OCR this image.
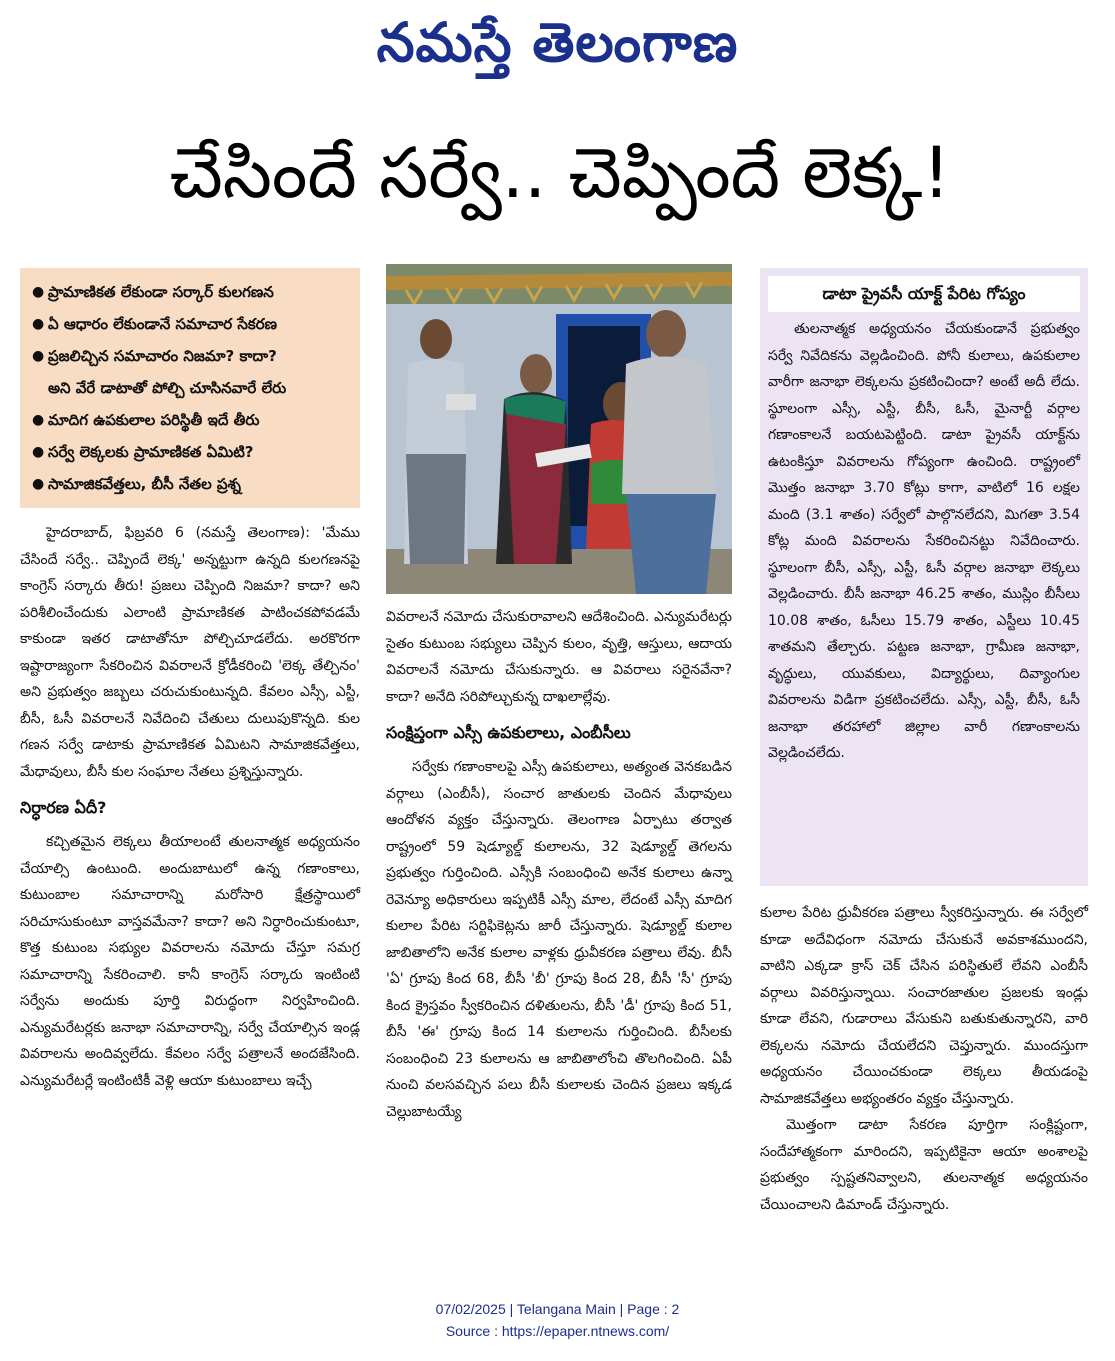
నమస్తే తెలంగాణ
చేసిందే సర్వే.. చెప్పిందే లెక్క!
● ప్రామాణికత లేకుండా సర్కార్ కులగణన
● ఏ ఆధారం లేకుండానే సమాచార సేకరణ
● ప్రజలిచ్చిన సమాచారం నిజమా? కాదా?
అని వేరే డాటాతో పోల్చి చూసినవారే లేరు
● మాదిగ ఉపకులాల పరిస్థితీ ఇదే తీరు
● సర్వే లెక్కలకు ప్రామాణికత ఏమిటి?
● సామాజికవేత్తలు, బీసీ నేతల ప్రశ్న

హైదరాబాద్, ఫిబ్రవరి 6 (నమస్తే తెలంగాణ): 'మేము చేసిందే సర్వే.. చెప్పిందే లెక్క' అన్నట్టుగా ఉన్నది కులగణనపై కాంగ్రెస్ సర్కారు తీరు! ప్రజలు చెప్పింది నిజమా? కాదా? అని పరిశీలించేందుకు ఎలాంటి ప్రామాణికత పాటించకపోవడమే కాకుండా ఇతర డాటాతోనూ పోల్చిచూడలేదు. అరకొరగా ఇష్టారాజ్యంగా సేకరించిన వివరాలనే క్రోడీకరించి 'లెక్క తేల్చినం' అని ప్రభుత్వం జబ్బలు చరుచుకుంటున్నది. కేవలం ఎస్సీ, ఎస్టీ, బీసీ, ఓసీ వివరాలనే నివేదించి చేతులు దులుపుకొన్నది. కుల గణన సర్వే డాటాకు ప్రామాణికత ఏమిటని సామాజికవేత్తలు, మేధావులు, బీసీ కుల సంఘాల నేతలు ప్రశ్నిస్తున్నారు.

నిర్ధారణ ఏదీ?

కచ్చితమైన లెక్కలు తీయాలంటే తులనాత్మక అధ్యయనం చేయాల్సి ఉంటుంది. అందుబాటులో ఉన్న గణాంకాలు, కుటుంబాల సమాచారాన్ని మరోసారి క్షేత్రస్థాయిలో సరిచూసుకుంటూ వాస్తవమేనా? కాదా? అని నిర్ధారించుకుంటూ, కొత్త కుటుంబ సభ్యుల వివరాలను నమోదు చేస్తూ సమగ్ర సమాచారాన్ని సేకరించాలి. కానీ కాంగ్రెస్ సర్కారు ఇంటింటి సర్వేను అందుకు పూర్తి విరుద్ధంగా నిర్వహించింది. ఎన్యుమరేటర్లకు జనాభా సమాచారాన్ని, సర్వే చేయాల్సిన ఇండ్ల వివరాలను అందివ్వలేదు. కేవలం సర్వే పత్రాలనే అందజేసింది. ఎన్యుమరేటర్లే ఇంటింటికీ వెళ్లి ఆయా కుటుంబాలు ఇచ్చే

వివరాలనే నమోదు చేసుకురావాలని ఆదేశించింది. ఎన్యుమరేటర్లు సైతం కుటుంబ సభ్యులు చెప్పిన కులం, వృత్తి, ఆస్తులు, ఆదాయ వివరాలనే నమోదు చేసుకున్నారు. ఆ వివరాలు సరైనవేనా? కాదా? అనేది సరిపోల్చుకున్న దాఖలాల్లేవు.

సంక్షిప్తంగా ఎస్సీ ఉపకులాలు, ఎంబీసీలు

సర్వేకు గణాంకాలపై ఎస్సీ ఉపకులాలు, అత్యంత వెనకబడిన వర్గాలు (ఎంబీసీ), సంచార జాతులకు చెందిన మేధావులు ఆందోళన వ్యక్తం చేస్తున్నారు. తెలంగాణ ఏర్పాటు తర్వాత రాష్ట్రంలో 59 షెడ్యూల్డ్ కులాలను, 32 షెడ్యూల్డ్ తెగలను ప్రభుత్వం గుర్తించింది. ఎస్సీకి సంబంధించి అనేక కులాలు ఉన్నా రెవెన్యూ అధికారులు ఇప్పటికీ ఎస్సీ మాల, లేదంటే ఎస్సీ మాదిగ కులాల పేరిట సర్టిఫికెట్లను జారీ చేస్తున్నారు. షెడ్యూల్డ్ కులాల జాబితాలోని అనేక కులాల వాళ్లకు ధ్రువీకరణ పత్రాలు లేవు. బీసీ 'ఏ' గ్రూపు కింద 68, బీసీ 'బీ' గ్రూపు కింద 28, బీసీ 'సీ' గ్రూపు కింద క్రైస్తవం స్వీకరించిన దళితులను, బీసీ 'డీ' గ్రూపు కింద 51, బీసీ 'ఈ' గ్రూపు కింద 14 కులాలను గుర్తించింది. బీసీలకు సంబంధించి 23 కులాలను ఆ జాబితాలోంచి తొలగించింది. ఏపీ నుంచి వలసవచ్చిన పలు బీసీ కులాలకు చెందిన ప్రజలు ఇక్కడ చెల్లుబాటయ్యే

డాటా ప్రైవసీ యాక్ట్ పేరిట గోప్యం

తులనాత్మక అధ్యయనం చేయకుండానే ప్రభుత్వం సర్వే నివేదికను వెల్లడించింది. పోనీ కులాలు, ఉపకులాల వారీగా జనాభా లెక్కలను ప్రకటించిందా? అంటే అదీ లేదు. స్థూలంగా ఎస్సీ, ఎస్టీ, బీసీ, ఓసీ, మైనార్టీ వర్గాల గణాంకాలనే బయటపెట్టింది. డాటా ప్రైవసీ యాక్ట్‌ను ఉటంకిస్తూ వివరాలను గోప్యంగా ఉంచింది. రాష్ట్రంలో మొత్తం జనాభా 3.70 కోట్లు కాగా, వాటిలో 16 లక్షల మంది (3.1 శాతం) సర్వేలో పాల్గొనలేదని, మిగతా 3.54 కోట్ల మంది వివరాలను సేకరించినట్టు నివేదించారు. స్థూలంగా బీసీ, ఎస్సీ, ఎస్టీ, ఓసీ వర్గాల జనాభా లెక్కలు వెల్లడించారు. బీసీ జనాభా 46.25 శాతం, ముస్లిం బీసీలు 10.08 శాతం, ఓసీలు 15.79 శాతం, ఎస్టీలు 10.45 శాతమని తేల్చారు. పట్టణ జనాభా, గ్రామీణ జనాభా, వృద్ధులు, యువకులు, విద్యార్థులు, దివ్యాంగుల వివరాలను విడిగా ప్రకటించలేదు. ఎస్సీ, ఎస్టీ, బీసీ, ఓసీ జనాభా తరహాలో జిల్లాల వారీ గణాంకాలను వెల్లడించలేదు.

కులాల పేరిట ధ్రువీకరణ పత్రాలు స్వీకరిస్తున్నారు. ఈ సర్వేలో కూడా అదేవిధంగా నమోదు చేసుకునే అవకాశముందని, వాటిని ఎక్కడా క్రాస్ చెక్ చేసిన పరిస్థితులే లేవని ఎంబీసీ వర్గాలు వివరిస్తున్నాయి. సంచారజాతుల ప్రజలకు ఇండ్లు కూడా లేవని, గుడారాలు వేసుకుని బతుకుతున్నారని, వారి లెక్కలను నమోదు చేయలేదని చెప్తున్నారు. ముందస్తుగా అధ్యయనం చేయించకుండా లెక్కలు తీయడంపై సామాజికవేత్తలు అభ్యంతరం వ్యక్తం చేస్తున్నారు.

మొత్తంగా డాటా సేకరణ పూర్తిగా సంక్లిష్టంగా, సందేహాత్మకంగా మారిందని, ఇప్పటికైనా ఆయా అంశాలపై ప్రభుత్వం స్పష్టతనివ్వాలని, తులనాత్మక అధ్యయనం చేయించాలని డిమాండ్ చేస్తున్నారు.

07/02/2025 | Telangana Main | Page : 2
Source : https://epaper.ntnews.com/
